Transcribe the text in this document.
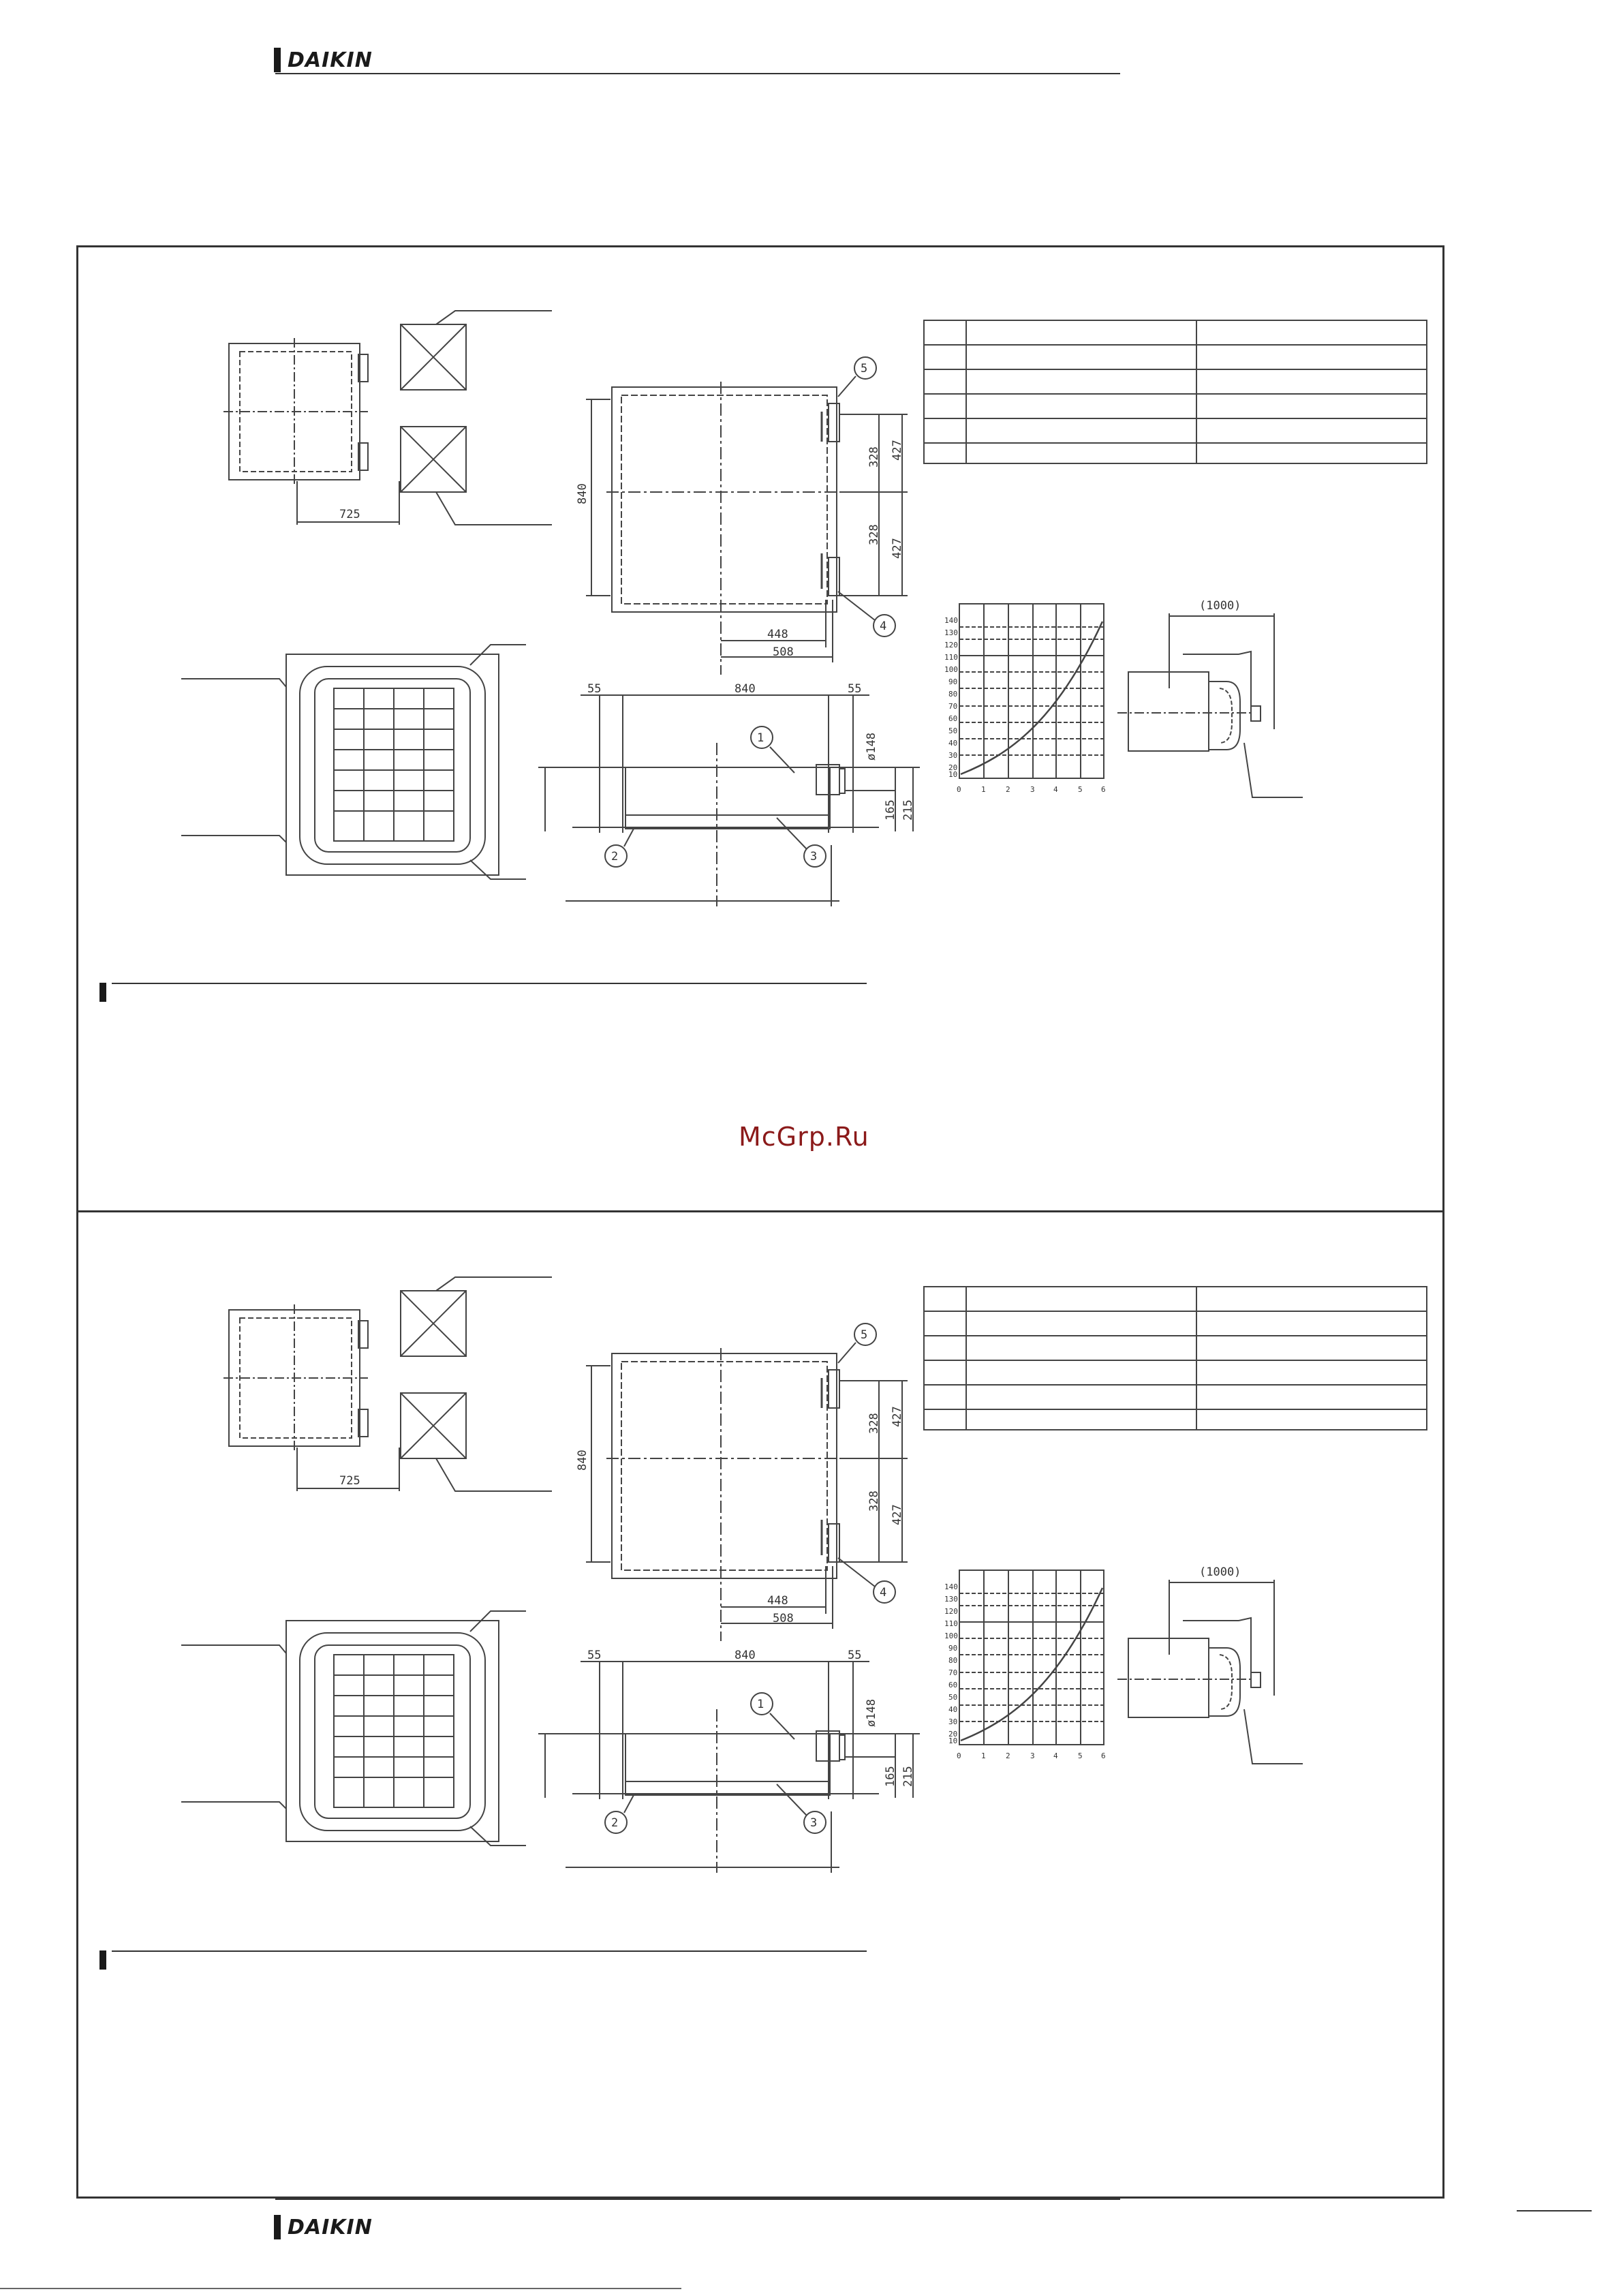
DAIKIN
725
840
328 427
328
427
448
508
55	840	55
ø148
165 215
(1000)
5
4
1
2	3
140
130
120
110
100
90
80
70
60
50
40
30
20
10
0	1	2	3 4	5 6
McGrp.Ru
725
840
328 427
328
427
448
508
55	840	55
ø148
165 215
(1000)
5
4
1
2	3
140
130
120
110
100
90
80
70
60
50
40
30
20
10
0	1	2	3 4	5 6
DAIKIN
